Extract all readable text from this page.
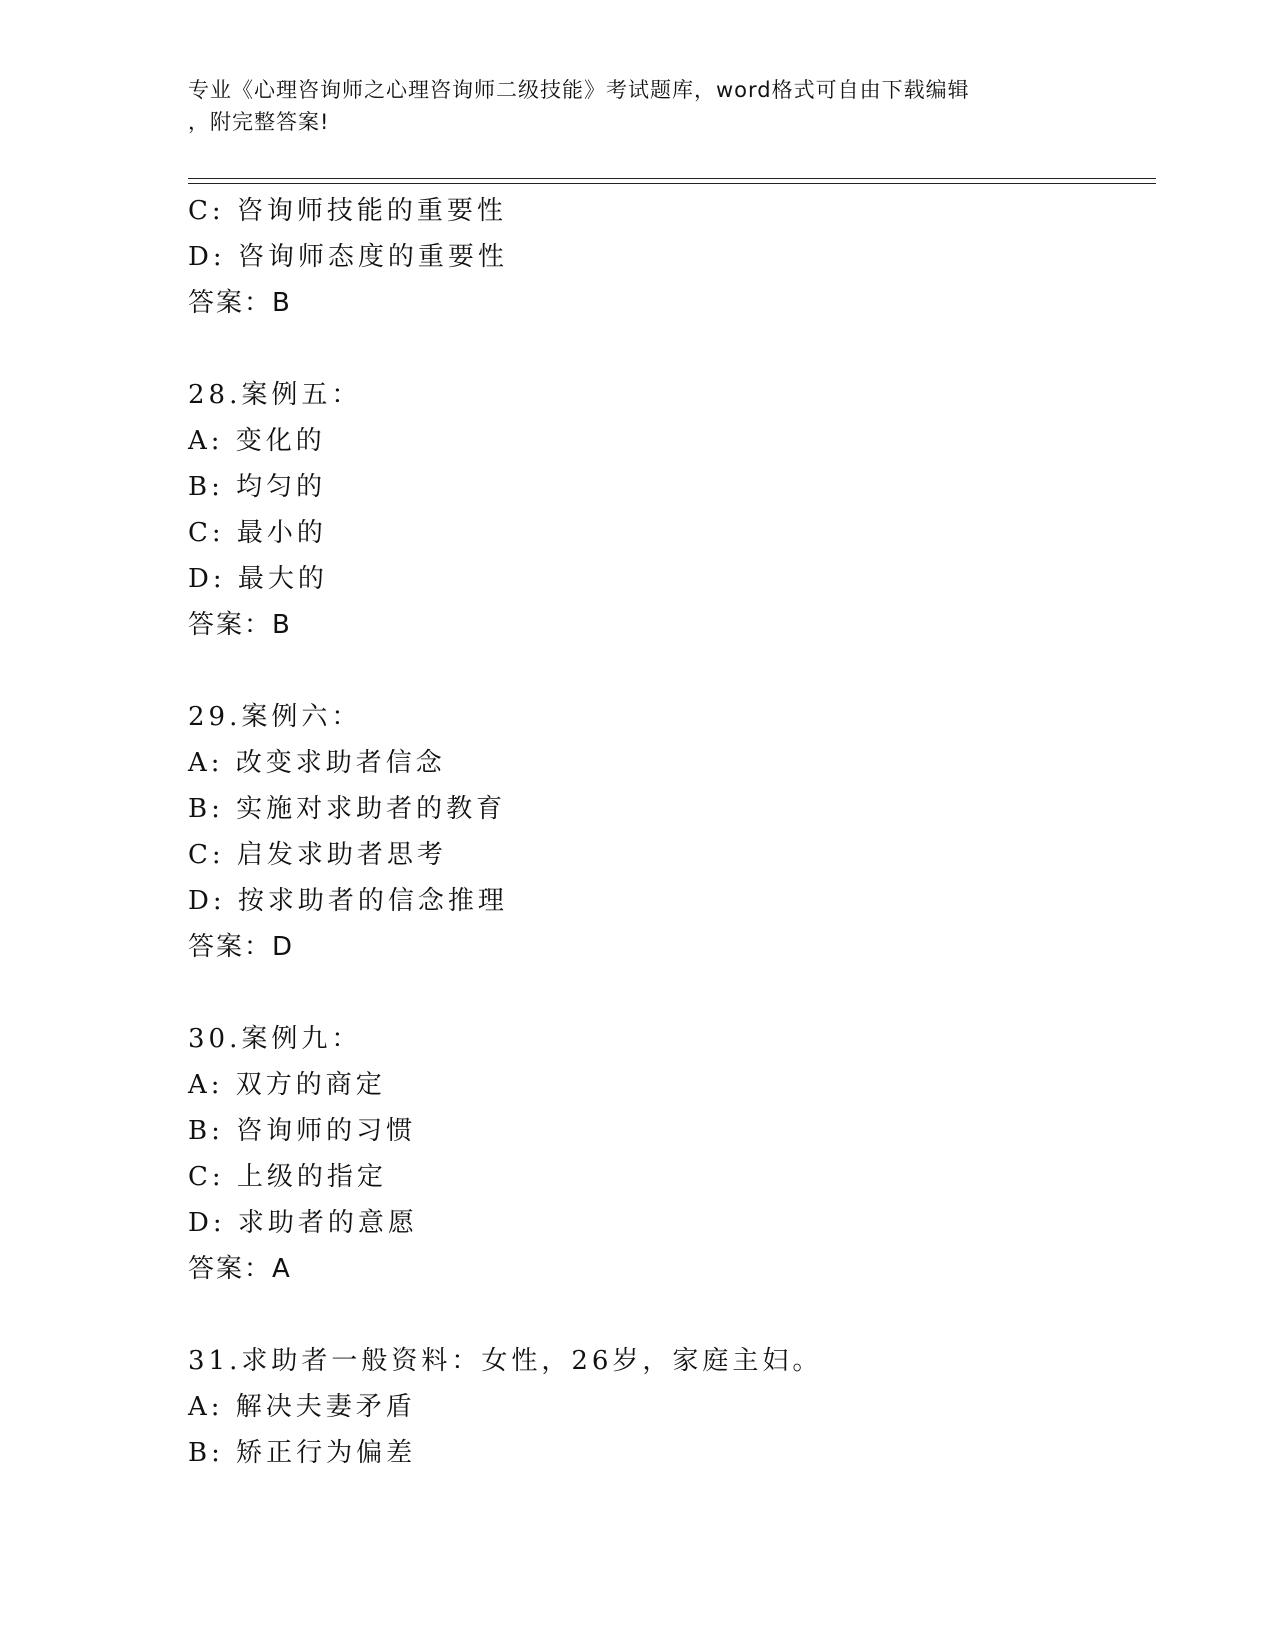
专业《心理咨询师之心理咨询师二级技能》考试题库，word格式可自由下载编辑
，附完整答案!
C: 咨询师技能的重要性
D: 咨询师态度的重要性
答案：B
28.案例五：
A: 变化的
B: 均匀的
C: 最小的
D: 最大的
答案：B
29.案例六：
A: 改变求助者信念
B: 实施对求助者的教育
C: 启发求助者思考
D: 按求助者的信念推理
答案：D
30.案例九：
A: 双方的商定
B: 咨询师的习惯
C: 上级的指定
D: 求助者的意愿
答案：A
31.求助者一般资料：女性，26岁，家庭主妇。
A: 解决夫妻矛盾
B: 矫正行为偏差
